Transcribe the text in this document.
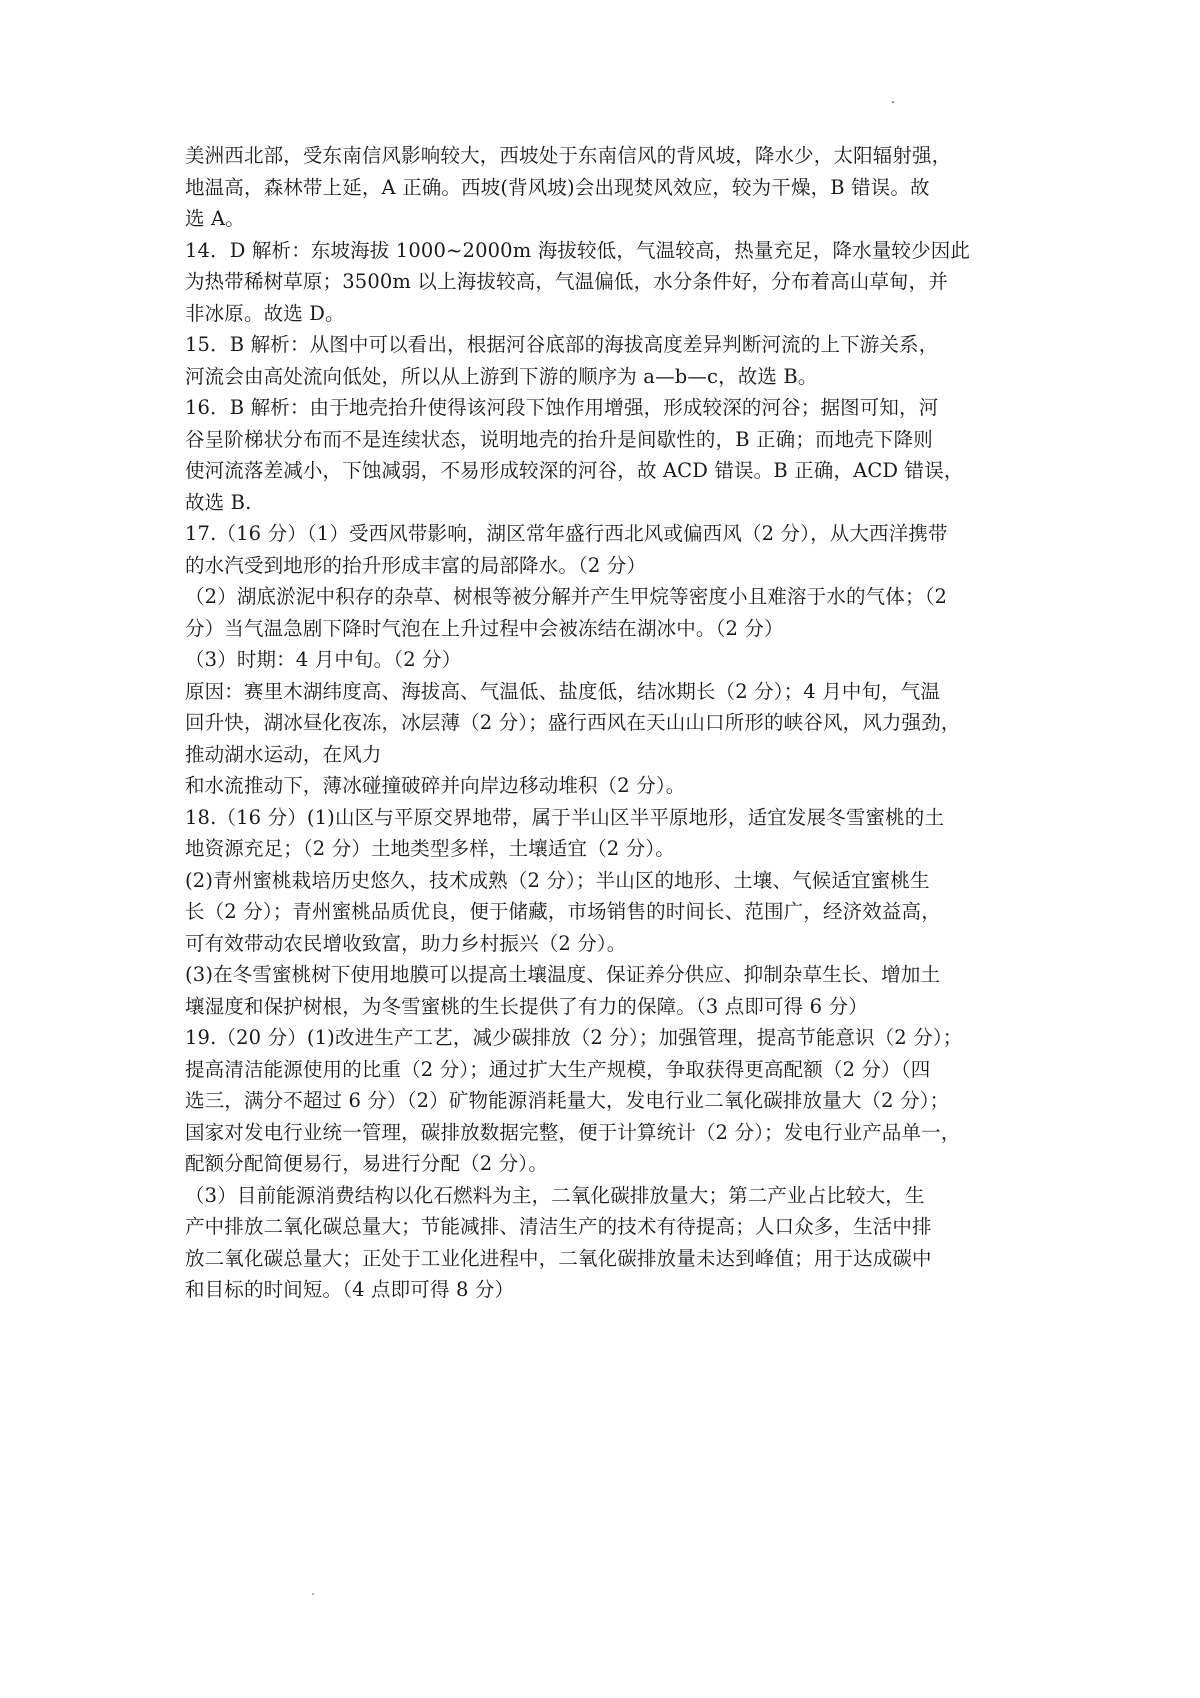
美洲西北部，受东南信风影响较大，西坡处于东南信风的背风坡，降水少，太阳辐射强，
地温高，森林带上延，A 正确。西坡(背风坡)会出现焚风效应，较为干燥，B 错误。故
选 A。
14．D 解析：东坡海拔 1000~2000m 海拔较低，气温较高，热量充足，降水量较少因此
为热带稀树草原；3500m 以上海拔较高，气温偏低，水分条件好，分布着高山草甸，并
非冰原。故选 D。
15．B 解析：从图中可以看出，根据河谷底部的海拔高度差异判断河流的上下游关系，
河流会由高处流向低处，所以从上游到下游的顺序为 a—b—c，故选 B。
16．B 解析：由于地壳抬升使得该河段下蚀作用增强，形成较深的河谷；据图可知，河
谷呈阶梯状分布而不是连续状态，说明地壳的抬升是间歇性的，B 正确；而地壳下降则
使河流落差减小，下蚀减弱，不易形成较深的河谷，故 ACD 错误。B 正确，ACD 错误，
故选 B.
17.（16 分）（1）受西风带影响，湖区常年盛行西北风或偏西风（2 分），从大西洋携带
的水汽受到地形的抬升形成丰富的局部降水。（2 分）
（2）湖底淤泥中积存的杂草、树根等被分解并产生甲烷等密度小且难溶于水的气体；（2
分）当气温急剧下降时气泡在上升过程中会被冻结在湖冰中。（2 分）
（3）时期：4 月中旬。（2 分）
原因：赛里木湖纬度高、海拔高、气温低、盐度低，结冰期长（2 分）；4 月中旬，气温
回升快，湖冰昼化夜冻，冰层薄（2 分）；盛行西风在天山山口所形的峡谷风，风力强劲，
推动湖水运动，在风力
和水流推动下，薄冰碰撞破碎并向岸边移动堆积（2 分）。
18.（16 分）(1)山区与平原交界地带，属于半山区半平原地形，适宜发展冬雪蜜桃的土
地资源充足；（2 分）土地类型多样，土壤适宜（2 分）。
(2)青州蜜桃栽培历史悠久，技术成熟（2 分）；半山区的地形、土壤、气候适宜蜜桃生
长（2 分）；青州蜜桃品质优良，便于储藏，市场销售的时间长、范围广，经济效益高，
可有效带动农民增收致富，助力乡村振兴（2 分）。
(3)在冬雪蜜桃树下使用地膜可以提高土壤温度、保证养分供应、抑制杂草生长、增加土
壤湿度和保护树根，为冬雪蜜桃的生长提供了有力的保障。（3 点即可得 6 分）
19.（20 分）(1)改进生产工艺，减少碳排放（2 分）；加强管理，提高节能意识（2 分）；
提高清洁能源使用的比重（2 分）；通过扩大生产规模，争取获得更高配额（2 分）（四
选三，满分不超过 6 分）（2）矿物能源消耗量大，发电行业二氧化碳排放量大（2 分）；
国家对发电行业统一管理，碳排放数据完整，便于计算统计（2 分）；发电行业产品单一，
配额分配简便易行，易进行分配（2 分）。
（3）目前能源消费结构以化石燃料为主，二氧化碳排放量大；第二产业占比较大，生
产中排放二氧化碳总量大；节能减排、清洁生产的技术有待提高；人口众多，生活中排
放二氧化碳总量大；正处于工业化进程中，二氧化碳排放量未达到峰值；用于达成碳中
和目标的时间短。（4 点即可得 8 分）
